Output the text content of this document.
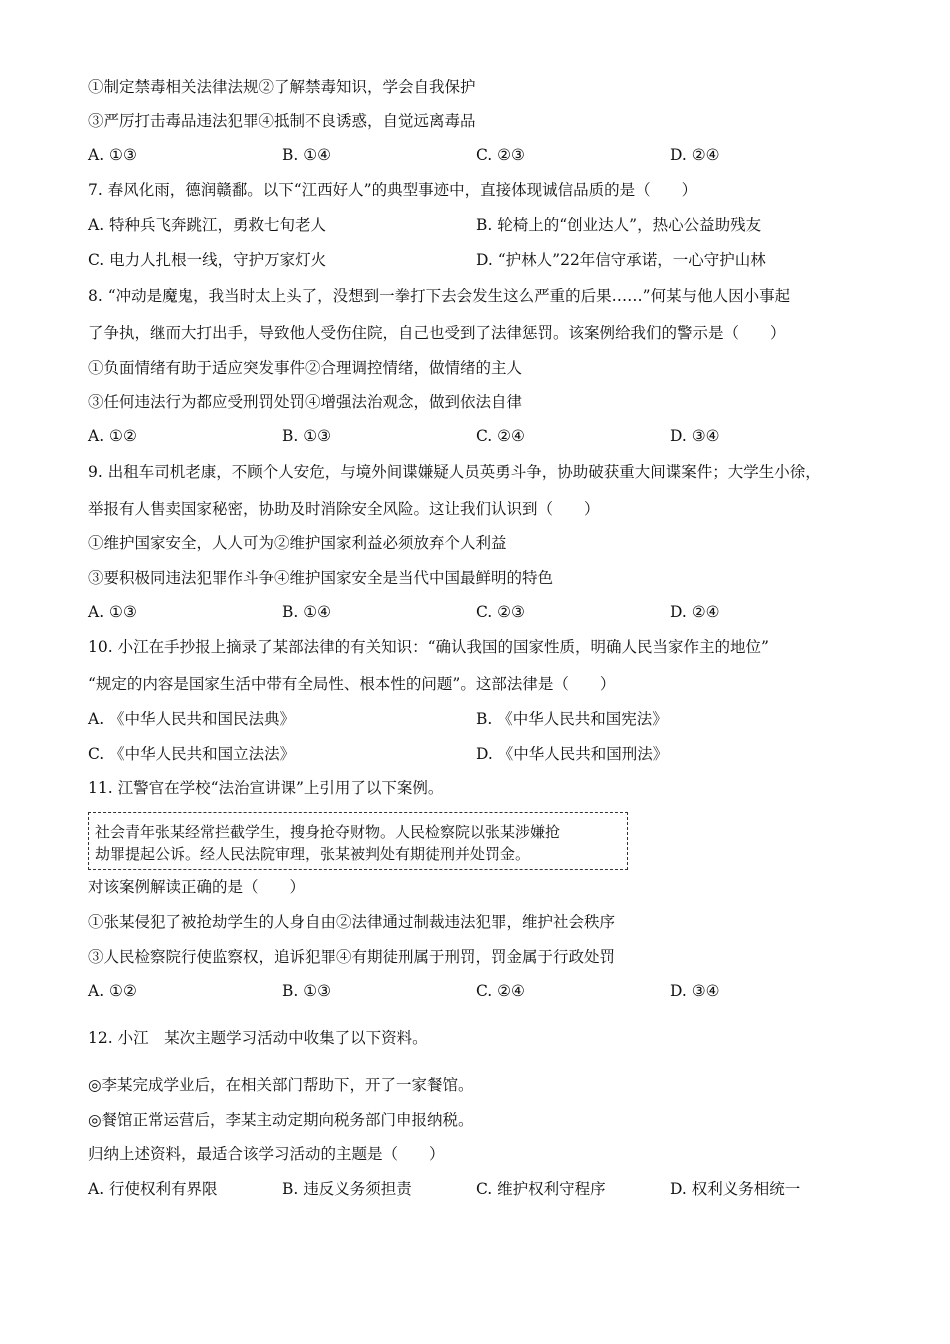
①制定禁毒相关法律法规②了解禁毒知识，学会自我保护
③严厉打击毒品违法犯罪④抵制不良诱惑，自觉远离毒品
A. ①③	B. ①④	C. ②③	D. ②④
7. 春风化雨，德润赣鄱。以下“江西好人”的典型事迹中，直接体现诚信品质的是（　　）
A. 特种兵飞奔跳江，勇救七旬老人	B. 轮椅上的“创业达人”，热心公益助残友
C. 电力人扎根一线，守护万家灯火	D. “护林人”22年信守承诺，一心守护山林
8. “冲动是魔鬼，我当时太上头了，没想到一拳打下去会发生这么严重的后果……”何某与他人因小事起
了争执，继而大打出手，导致他人受伤住院，自己也受到了法律惩罚。该案例给我们的警示是（　　）
①负面情绪有助于适应突发事件②合理调控情绪，做情绪的主人
③任何违法行为都应受刑罚处罚④增强法治观念，做到依法自律
A. ①②	B. ①③	C. ②④	D. ③④
9. 出租车司机老康，不顾个人安危，与境外间谍嫌疑人员英勇斗争，协助破获重大间谍案件；大学生小徐，
举报有人售卖国家秘密，协助及时消除安全风险。这让我们认识到（　　）
①维护国家安全，人人可为②维护国家利益必须放弃个人利益
③要积极同违法犯罪作斗争④维护国家安全是当代中国最鲜明的特色
A. ①③	B. ①④	C. ②③	D. ②④
10. 小江在手抄报上摘录了某部法律的有关知识：“确认我国的国家性质，明确人民当家作主的地位”
“规定的内容是国家生活中带有全局性、根本性的问题”。这部法律是（　　）
A. 《中华人民共和国民法典》	B. 《中华人民共和国宪法》
C. 《中华人民共和国立法法》	D. 《中华人民共和国刑法》
11. 江警官在学校“法治宣讲课”上引用了以下案例。
社会青年张某经常拦截学生，搜身抢夺财物。人民检察院以张某涉嫌抢
劫罪提起公诉。经人民法院审理，张某被判处有期徒刑并处罚金。
对该案例解读正确的是（　　）
①张某侵犯了被抢劫学生的人身自由②法律通过制裁违法犯罪，维护社会秩序
③人民检察院行使监察权，追诉犯罪④有期徒刑属于刑罚，罚金属于行政处罚
A. ①②	B. ①③	C. ②④	D. ③④
12. 小江　某次主题学习活动中收集了以下资料。
◎李某完成学业后，在相关部门帮助下，开了一家餐馆。
◎餐馆正常运营后，李某主动定期向税务部门申报纳税。
归纳上述资料，最适合该学习活动的主题是（　　）
A. 行使权利有界限	B. 违反义务须担责	C. 维护权利守程序	D. 权利义务相统一
